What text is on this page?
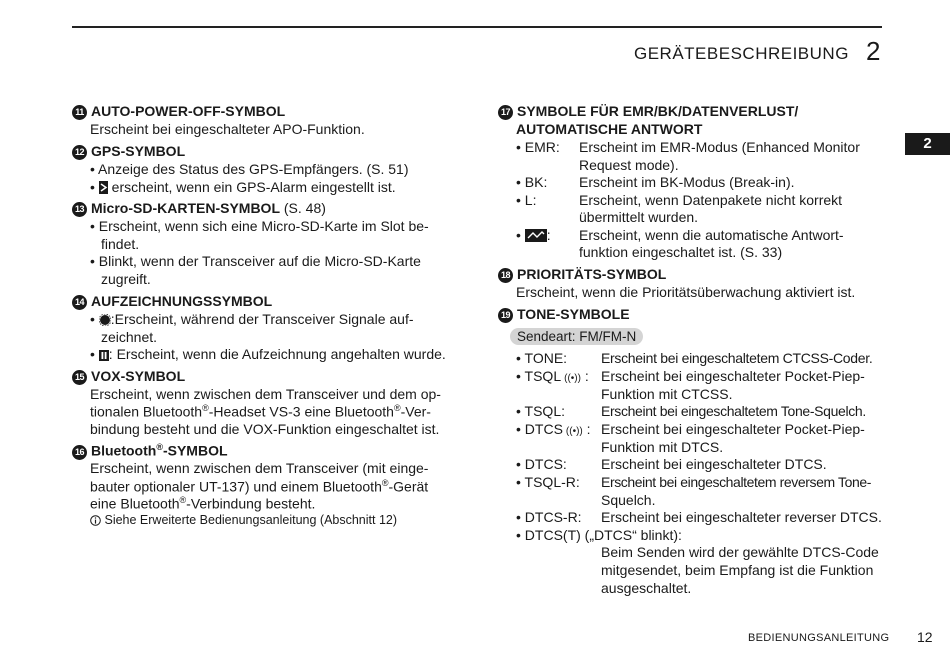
GERÄTEBESCHREIBUNG 2
2
11 AUTO-POWER-OFF-SYMBOL
Erscheint bei eingeschalteter APO-Funktion.
12 GPS-SYMBOL
• Anzeige des Status des GPS-Empfängers. (S. 51)
•  erscheint, wenn ein GPS-Alarm eingestellt ist.
13 Micro-SD-KARTEN-SYMBOL (S. 48)
• Erscheint, wenn sich eine Micro-SD-Karte im Slot be-
findet.
• Blinkt, wenn der Transceiver auf die Micro-SD-Karte
zugreift.
14 AUFZEICHNUNGSSYMBOL
• :Erscheint, während der Transceiver Signale auf-
zeichnet.
• : Erscheint, wenn die Aufzeichnung angehalten wurde.
15 VOX-SYMBOL
Erscheint, wenn zwischen dem Transceiver und dem op-
tionalen Bluetooth®-Headset VS-3 eine Bluetooth®-Ver-
bindung besteht und die VOX-Funktion eingeschaltet ist.
16 Bluetooth®-SYMBOL
Erscheint, wenn zwischen dem Transceiver (mit einge-
bauter optionaler UT-137) und einem Bluetooth®-Gerät
eine Bluetooth®-Verbindung besteht.
Siehe Erweiterte Bedienungsanleitung (Abschnitt 12)
17 SYMBOLE FÜR EMR/BK/DATENVERLUST/
AUTOMATISCHE ANTWORT
• EMR: Erscheint im EMR-Modus (Enhanced Monitor
Request mode).
• BK: Erscheint im BK-Modus (Break-in).
• L:	Erscheint, wenn Datenpakete nicht korrekt
übermittelt wurden.
• : Erscheint, wenn die automatische Antwort-
funktion eingeschaltet ist. (S. 33)
18 PRIORITÄTS-SYMBOL
Erscheint, wenn die Prioritätsüberwachung aktiviert ist.
19 TONE-SYMBOLE
Sendeart: FM/FM-N
• TONE: Erscheint bei eingeschaltetem CTCSS-Coder.
• TSQL ((•)) : Erscheint bei eingeschalteter Pocket-Piep-
Funktion mit CTCSS.
• TSQL:	Erscheint bei eingeschaltetem Tone-Squelch.
• DTCS ((•)) : Erscheint bei eingeschalteter Pocket-Piep-
Funktion mit DTCS.
• DTCS: Erscheint bei eingeschalteter DTCS.
• TSQL-R: Erscheint bei eingeschaltetem reversem Tone-
Squelch.
• DTCS-R: Erscheint bei eingeschalteter reverser DTCS.
• DTCS(T) („DTCS“ blinkt):
Beim Senden wird der gewählte DTCS-Code
mitgesendet, beim Empfang ist die Funktion
ausgeschaltet.
BEDIENUNGSANLEITUNG 12
